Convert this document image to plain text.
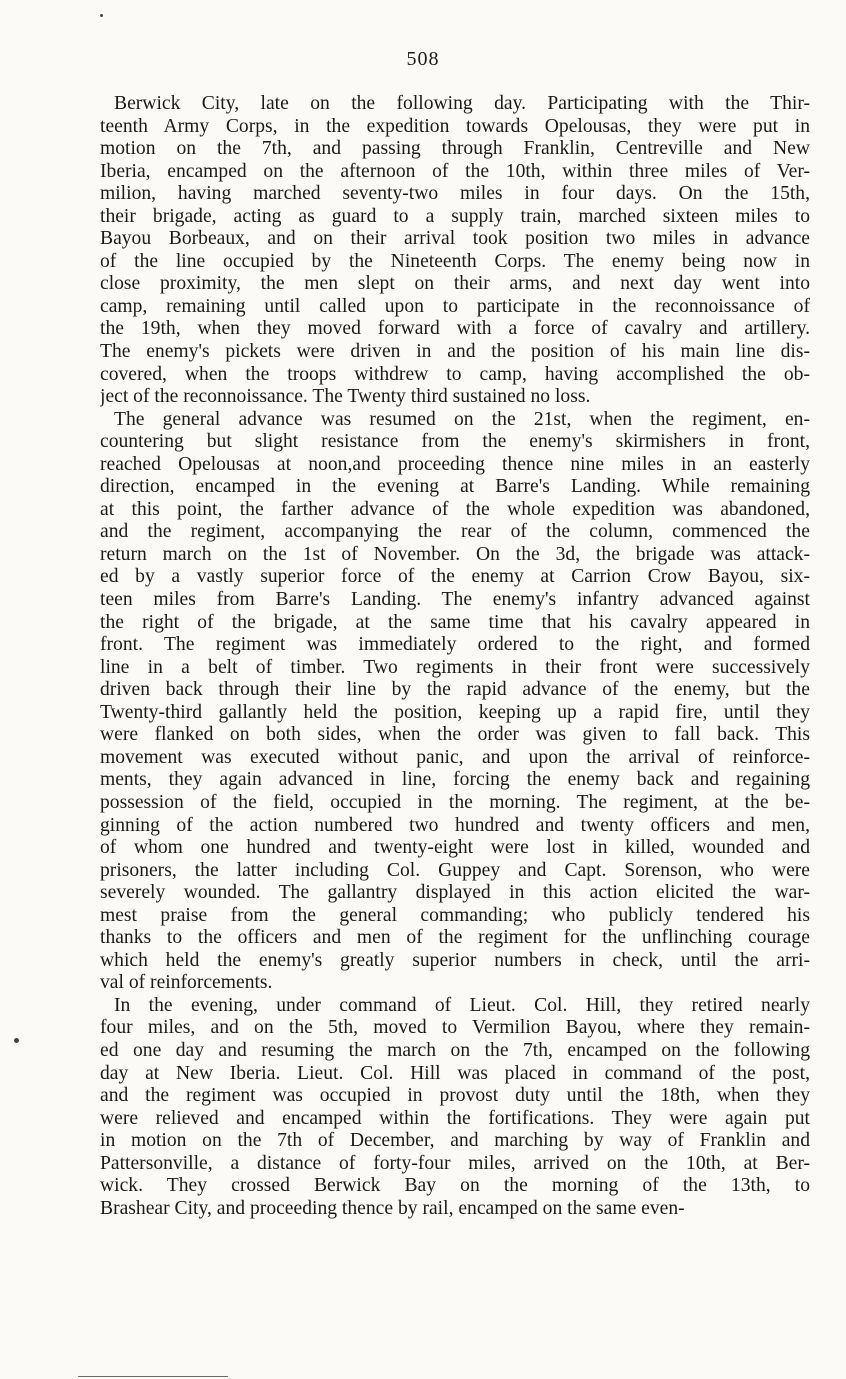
508
Berwick City, late on the following day. Participating with the Thir-
teenth Army Corps, in the expedition towards Opelousas, they were put in
motion on the 7th, and passing through Franklin, Centreville and New
Iberia, encamped on the afternoon of the 10th, within three miles of Ver-
milion, having marched seventy-two miles in four days. On the 15th,
their brigade, acting as guard to a supply train, marched sixteen miles to
Bayou Borbeaux, and on their arrival took position two miles in advance
of the line occupied by the Nineteenth Corps. The enemy being now in
close proximity, the men slept on their arms, and next day went into
camp, remaining until called upon to participate in the reconnoissance of
the 19th, when they moved forward with a force of cavalry and artillery.
The enemy's pickets were driven in and the position of his main line dis-
covered, when the troops withdrew to camp, having accomplished the ob-
ject of the reconnoissance. The Twenty third sustained no loss.
The general advance was resumed on the 21st, when the regiment, en-
countering but slight resistance from the enemy's skirmishers in front,
reached Opelousas at noon,and proceeding thence nine miles in an easterly
direction, encamped in the evening at Barre's Landing. While remaining
at this point, the farther advance of the whole expedition was abandoned,
and the regiment, accompanying the rear of the column, commenced the
return march on the 1st of November. On the 3d, the brigade was attack-
ed by a vastly superior force of the enemy at Carrion Crow Bayou, six-
teen miles from Barre's Landing. The enemy's infantry advanced against
the right of the brigade, at the same time that his cavalry appeared in
front. The regiment was immediately ordered to the right, and formed
line in a belt of timber. Two regiments in their front were successively
driven back through their line by the rapid advance of the enemy, but the
Twenty-third gallantly held the position, keeping up a rapid fire, until they
were flanked on both sides, when the order was given to fall back. This
movement was executed without panic, and upon the arrival of reinforce-
ments, they again advanced in line, forcing the enemy back and regaining
possession of the field, occupied in the morning. The regiment, at the be-
ginning of the action numbered two hundred and twenty officers and men,
of whom one hundred and twenty-eight were lost in killed, wounded and
prisoners, the latter including Col. Guppey and Capt. Sorenson, who were
severely wounded. The gallantry displayed in this action elicited the war-
mest praise from the general commanding; who publicly tendered his
thanks to the officers and men of the regiment for the unflinching courage
which held the enemy's greatly superior numbers in check, until the arri-
val of reinforcements.
In the evening, under command of Lieut. Col. Hill, they retired nearly
four miles, and on the 5th, moved to Vermilion Bayou, where they remain-
ed one day and resuming the march on the 7th, encamped on the following
day at New Iberia. Lieut. Col. Hill was placed in command of the post,
and the regiment was occupied in provost duty until the 18th, when they
were relieved and encamped within the fortifications. They were again put
in motion on the 7th of December, and marching by way of Franklin and
Pattersonville, a distance of forty-four miles, arrived on the 10th, at Ber-
wick. They crossed Berwick Bay on the morning of the 13th, to
Brashear City, and proceeding thence by rail, encamped on the same even-
